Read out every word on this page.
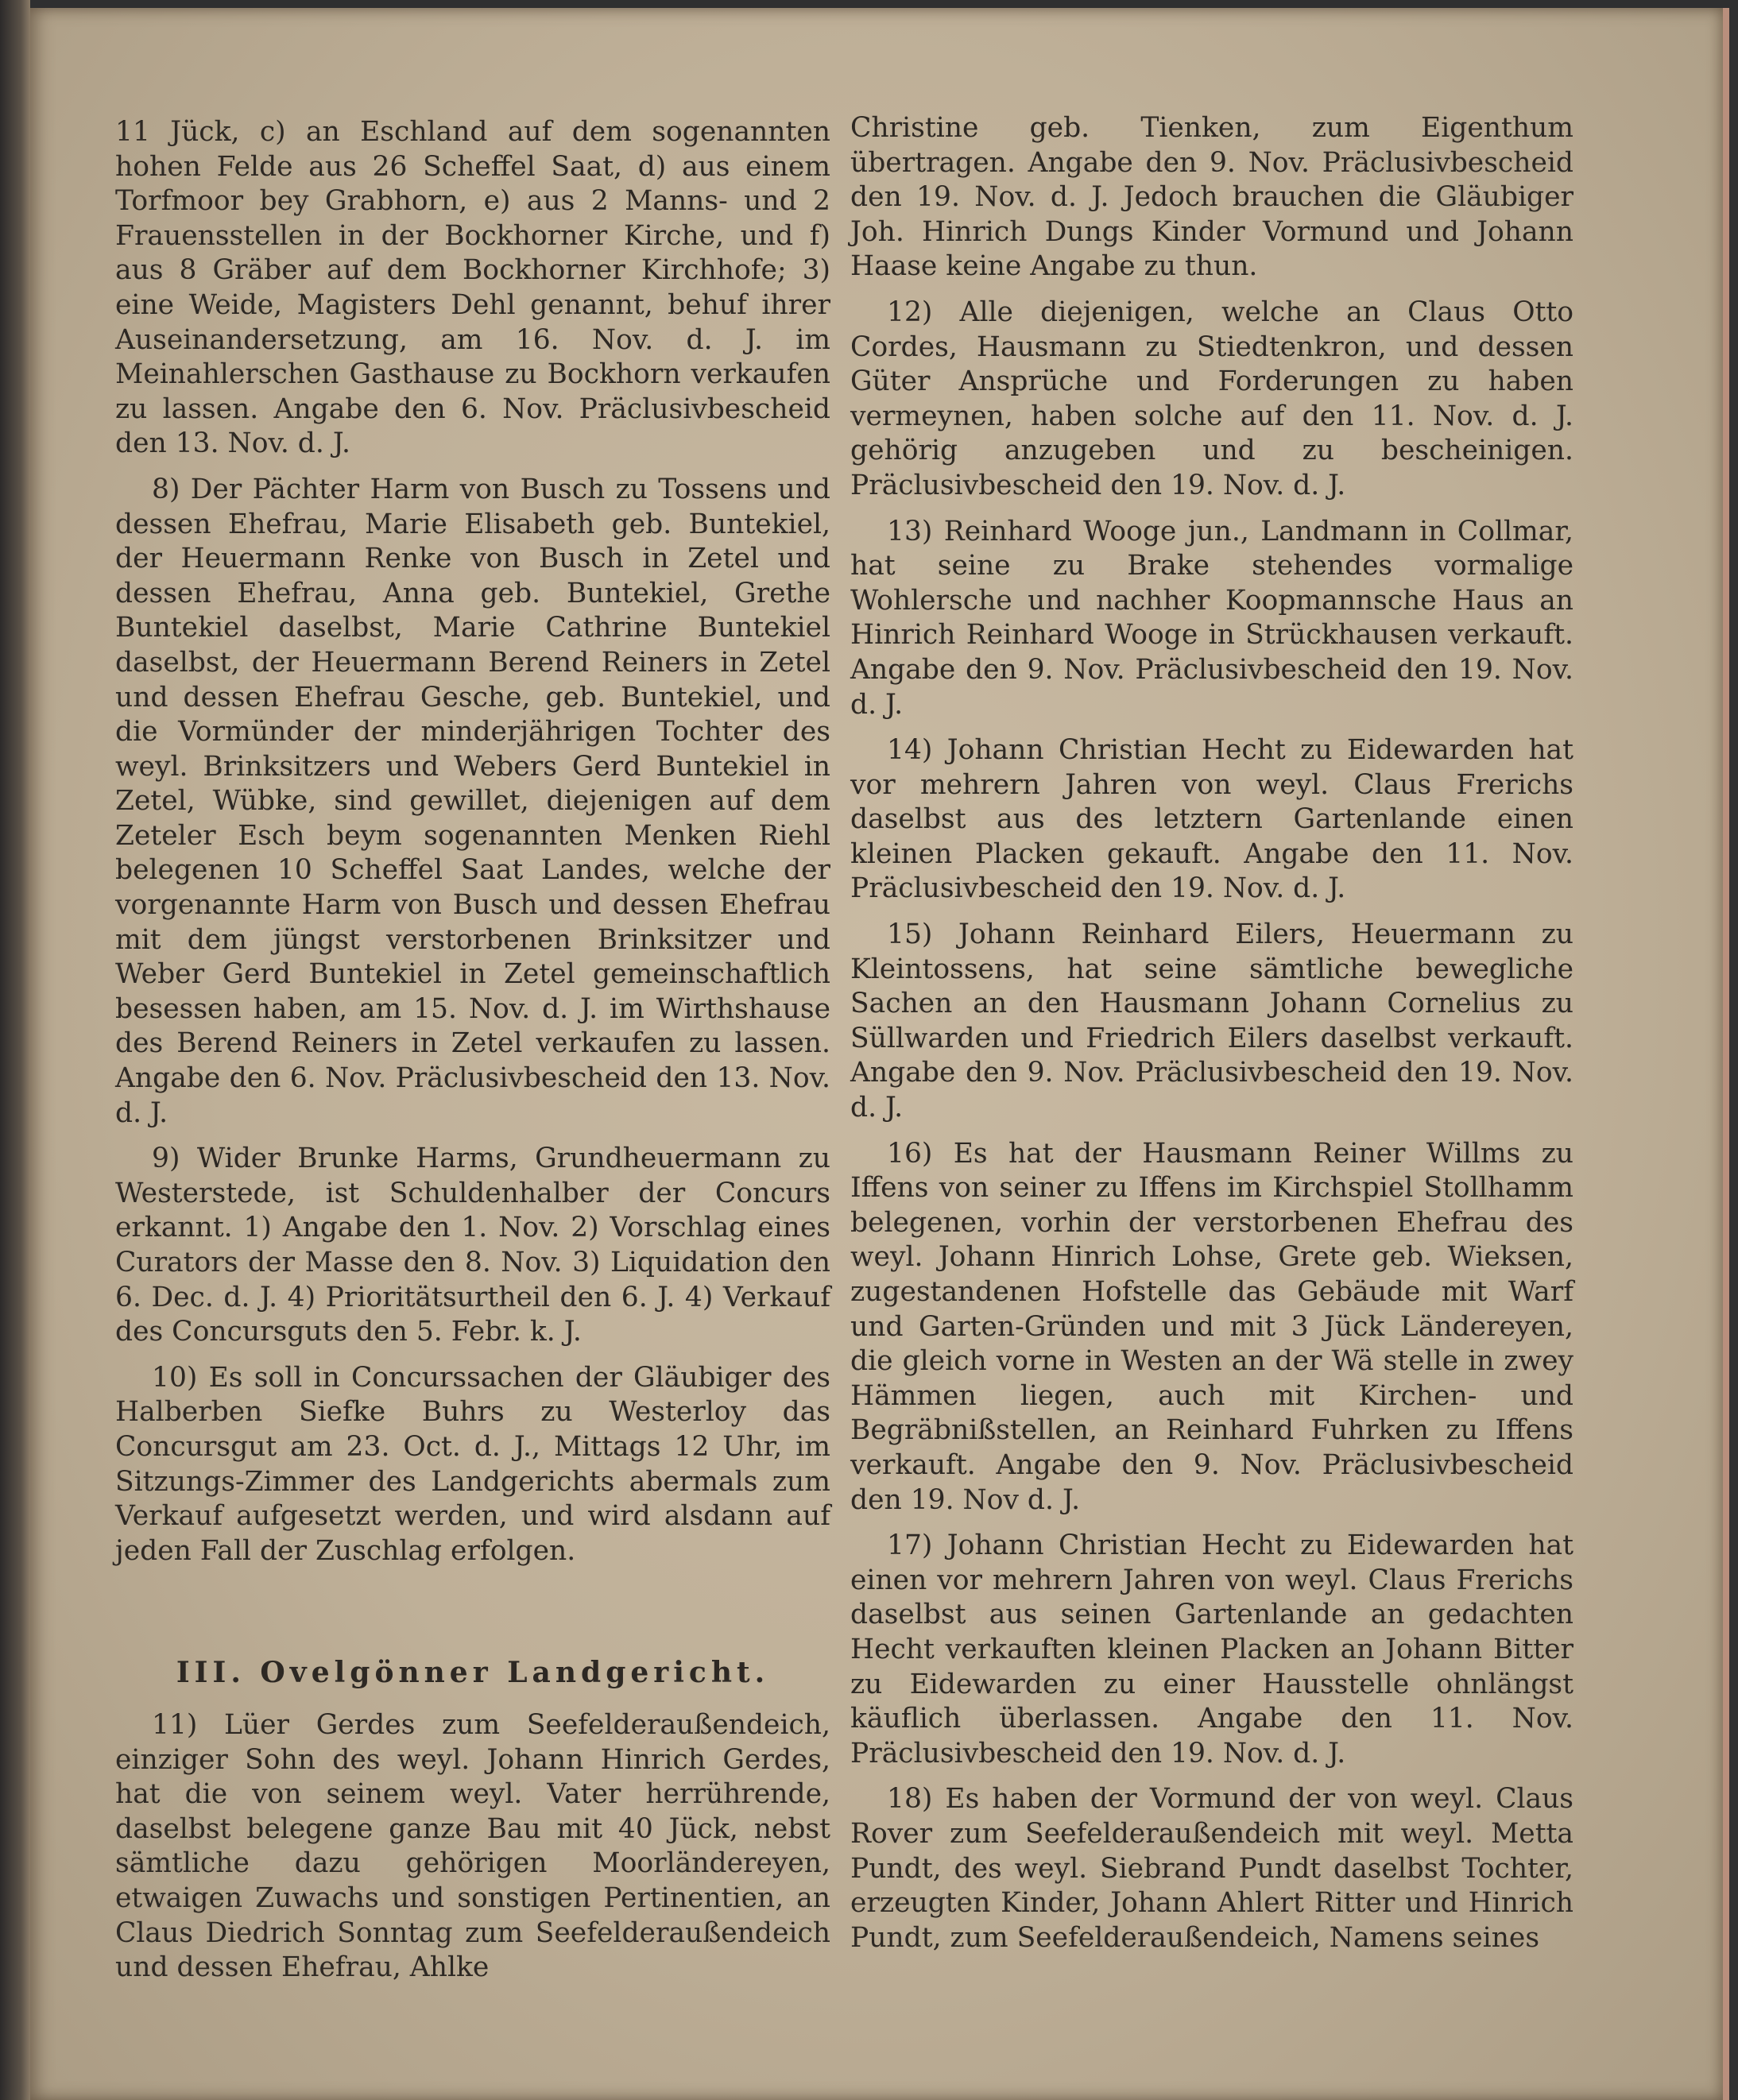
11 Jück, c) an Eschland auf dem sogenannten hohen Felde aus 26 Scheffel Saat, d) aus einem Torfmoor bey Grabhorn, e) aus 2 Manns- und 2 Frauensstellen in der Bockhorner Kirche, und f) aus 8 Gräber auf dem Bockhorner Kirchhofe; 3) eine Weide, Magisters Dehl genannt, behuf ihrer Auseinandersetzung, am 16. Nov. d. J. im Meinahlerschen Gasthause zu Bockhorn verkaufen zu lassen. Angabe den 6. Nov. Präclusivbescheid den 13. Nov. d. J.

8) Der Pächter Harm von Busch zu Tossens und dessen Ehefrau, Marie Elisabeth geb. Buntekiel, der Heuermann Renke von Busch in Zetel und dessen Ehefrau, Anna geb. Buntekiel, Grethe Buntekiel daselbst, Marie Cathrine Buntekiel daselbst, der Heuermann Berend Reiners in Zetel und dessen Ehefrau Gesche, geb. Buntekiel, und die Vormünder der minderjährigen Tochter des weyl. Brinksitzers und Webers Gerd Buntekiel in Zetel, Wübke, sind gewillet, diejenigen auf dem Zeteler Esch beym sogenannten Menken Riehl belegenen 10 Scheffel Saat Landes, welche der vorgenannte Harm von Busch und dessen Ehefrau mit dem jüngst verstorbenen Brinksitzer und Weber Gerd Buntekiel in Zetel gemeinschaftlich besessen haben, am 15. Nov. d. J. im Wirthshause des Berend Reiners in Zetel verkaufen zu lassen. Angabe den 6. Nov. Präclusivbescheid den 13. Nov. d. J.

9) Wider Brunke Harms, Grundheuermann zu Westerstede, ist Schuldenhalber der Concurs erkannt. 1) Angabe den 1. Nov. 2) Vorschlag eines Curators der Masse den 8. Nov. 3) Liquidation den 6. Dec. d. J. 4) Prioritätsurtheil den 6. J. 4) Verkauf des Concursguts den 5. Febr. k. J.

10) Es soll in Concurssachen der Gläubiger des Halberben Siefke Buhrs zu Westerloy das Concursgut am 23. Oct. d. J., Mittags 12 Uhr, im Sitzungs-Zimmer des Landgerichts abermals zum Verkauf aufgesetzt werden, und wird alsdann auf jeden Fall der Zuschlag erfolgen.

III. Ovelgönner Landgericht.

11) Lüer Gerdes zum Seefelderaußendeich, einziger Sohn des weyl. Johann Hinrich Gerdes, hat die von seinem weyl. Vater herrührende, daselbst belegene ganze Bau mit 40 Jück, nebst sämtliche dazu gehörigen Moorländereyen, etwaigen Zuwachs und sonstigen Pertinentien, an Claus Diedrich Sonntag zum Seefelderaußendeich und dessen Ehefrau, Ahlke

Christine geb. Tienken, zum Eigenthum übertragen. Angabe den 9. Nov. Präclusivbescheid den 19. Nov. d. J. Jedoch brauchen die Gläubiger Joh. Hinrich Dungs Kinder Vormund und Johann Haase keine Angabe zu thun.

12) Alle diejenigen, welche an Claus Otto Cordes, Hausmann zu Stiedtenkron, und dessen Güter Ansprüche und Forderungen zu haben vermeynen, haben solche auf den 11. Nov. d. J. gehörig anzugeben und zu bescheinigen. Präclusivbescheid den 19. Nov. d. J.

13) Reinhard Wooge jun., Landmann in Collmar, hat seine zu Brake stehendes vormalige Wohlersche und nachher Koopmannsche Haus an Hinrich Reinhard Wooge in Strückhausen verkauft. Angabe den 9. Nov. Präclusivbescheid den 19. Nov. d. J.

14) Johann Christian Hecht zu Eidewarden hat vor mehrern Jahren von weyl. Claus Frerichs daselbst aus des letztern Gartenlande einen kleinen Placken gekauft. Angabe den 11. Nov. Präclusivbescheid den 19. Nov. d. J.

15) Johann Reinhard Eilers, Heuermann zu Kleintossens, hat seine sämtliche bewegliche Sachen an den Hausmann Johann Cornelius zu Süllwarden und Friedrich Eilers daselbst verkauft. Angabe den 9. Nov. Präclusivbescheid den 19. Nov. d. J.

16) Es hat der Hausmann Reiner Willms zu Iffens von seiner zu Iffens im Kirchspiel Stollhamm belegenen, vorhin der verstorbenen Ehefrau des weyl. Johann Hinrich Lohse, Grete geb. Wieksen, zugestandenen Hofstelle das Gebäude mit Warf und Garten-Gründen und mit 3 Jück Ländereyen, die gleich vorne in Westen an der Wä stelle in zwey Hämmen liegen, auch mit Kirchen- und Begräbnißstellen, an Reinhard Fuhrken zu Iffens verkauft. Angabe den 9. Nov. Präclusivbescheid den 19. Nov d. J.

17) Johann Christian Hecht zu Eidewarden hat einen vor mehrern Jahren von weyl. Claus Frerichs daselbst aus seinen Gartenlande an gedachten Hecht verkauften kleinen Placken an Johann Bitter zu Eidewarden zu einer Hausstelle ohnlängst käuflich überlassen. Angabe den 11. Nov. Präclusivbescheid den 19. Nov. d. J.

18) Es haben der Vormund der von weyl. Claus Rover zum Seefelderaußendeich mit weyl. Metta Pundt, des weyl. Siebrand Pundt daselbst Tochter, erzeugten Kinder, Johann Ahlert Ritter und Hinrich Pundt, zum Seefelderaußendeich, Namens seines
